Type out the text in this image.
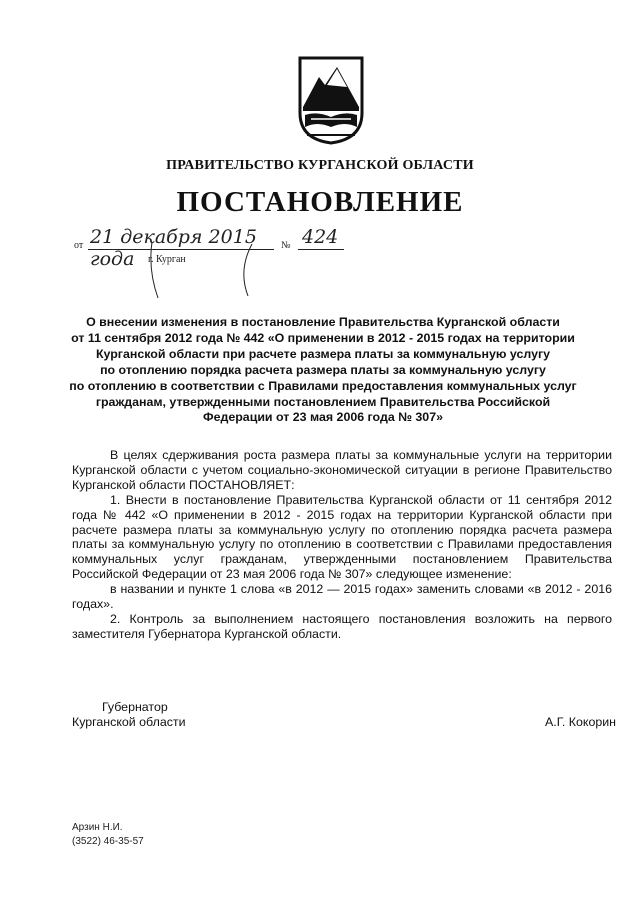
ПРАВИТЕЛЬСТВО КУРГАНСКОЙ ОБЛАСТИ
ПОСТАНОВЛЕНИЕ
от 21 декабря 2015 года
№ 424
г. Курган
О внесении изменения в постановление Правительства Курганской области
от 11 сентября 2012 года № 442 «О применении в 2012 - 2015 годах на территории
Курганской области при расчете размера платы за коммунальную услугу
по отоплению порядка расчета размера платы за коммунальную услугу
по отоплению в соответствии с Правилами предоставления коммунальных услуг
гражданам, утвержденными постановлением Правительства Российской
Федерации от 23 мая 2006 года № 307»

В целях сдерживания роста размера платы за коммунальные услуги на территории Курганской области с учетом социально-экономической ситуации в регионе Правительство Курганской области ПОСТАНОВЛЯЕТ:

1. Внести в постановление Правительства Курганской области от 11 сентября 2012 года № 442 «О применении в 2012 - 2015 годах на территории Курганской области при расчете размера платы за коммунальную услугу по отоплению порядка расчета размера платы за коммунальную услугу по отоплению в соответствии с Правилами предоставления коммунальных услуг гражданам, утвержденными постановлением Правительства Российской Федерации от 23 мая 2006 года № 307» следующее изменение:

в названии и пункте 1 слова «в 2012 — 2015 годах» заменить словами «в 2012 - 2016 годах».

2. Контроль за выполнением настоящего постановления возложить на первого заместителя Губернатора Курганской области.

Губернатор
Курганской области	А.Г. Кокорин
Арзин Н.И.
(3522) 46-35-57
